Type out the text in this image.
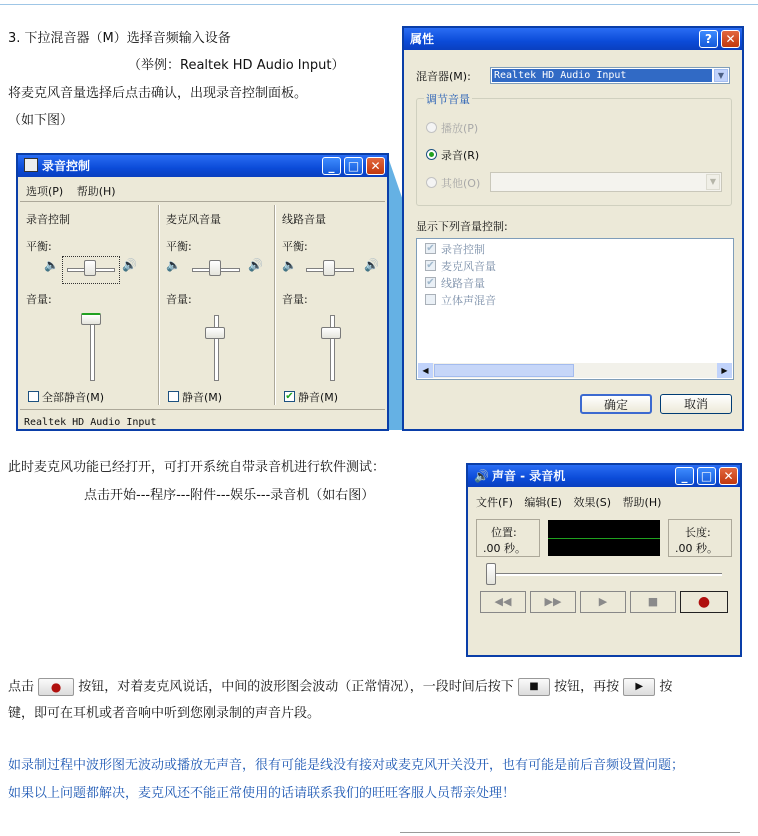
3. 下拉混音器（M）选择音频输入设备
（举例：Realtek HD Audio Input）
将麦克风音量选择后点击确认，出现录音控制面板。
（如下图）
录音控制	_	□ ✕
选项(P) 帮助(H)
录音控制
平衡:
🔈	🔊
音量:
全部静音(M)
麦克风音量
平衡:
🔈	🔊
音量:
静音(M)
线路音量
平衡:
🔈	🔊
音量:
✔ 静音(M)
Realtek HD Audio Input
属性	?	✕
混音器(M): Realtek HD Audio Input	▼
调节音量
播放(P)
录音(R)
其他(O)	▼
显示下列音量控制:
✔ 录音控制
✔ 麦克风音量
✔ 线路音量
立体声混音
◀	▶
确定	取消
此时麦克风功能已经打开，可打开系统自带录音机进行软件测试：
点击开始---程序---附件---娱乐---录音机（如右图）
🔊 声音 - 录音机	_	□ ✕
文件(F) 编辑(E) 效果(S) 帮助(H)
位置:
.00 秒。
长度:
.00 秒。
◀◀	▶▶	▶	■	●
点击 ● 按钮，对着麦克风说话，中间的波形图会波动（正常情况），一段时间后按下 ■ 按钮，再按 ▶ 按
键，即可在耳机或者音响中听到您刚录制的声音片段。
如录制过程中波形图无波动或播放无声音，很有可能是线没有接对或麦克风开关没开，也有可能是前后音频设置问题；
如果以上问题都解决，麦克风还不能正常使用的话请联系我们的旺旺客服人员帮亲处理！
